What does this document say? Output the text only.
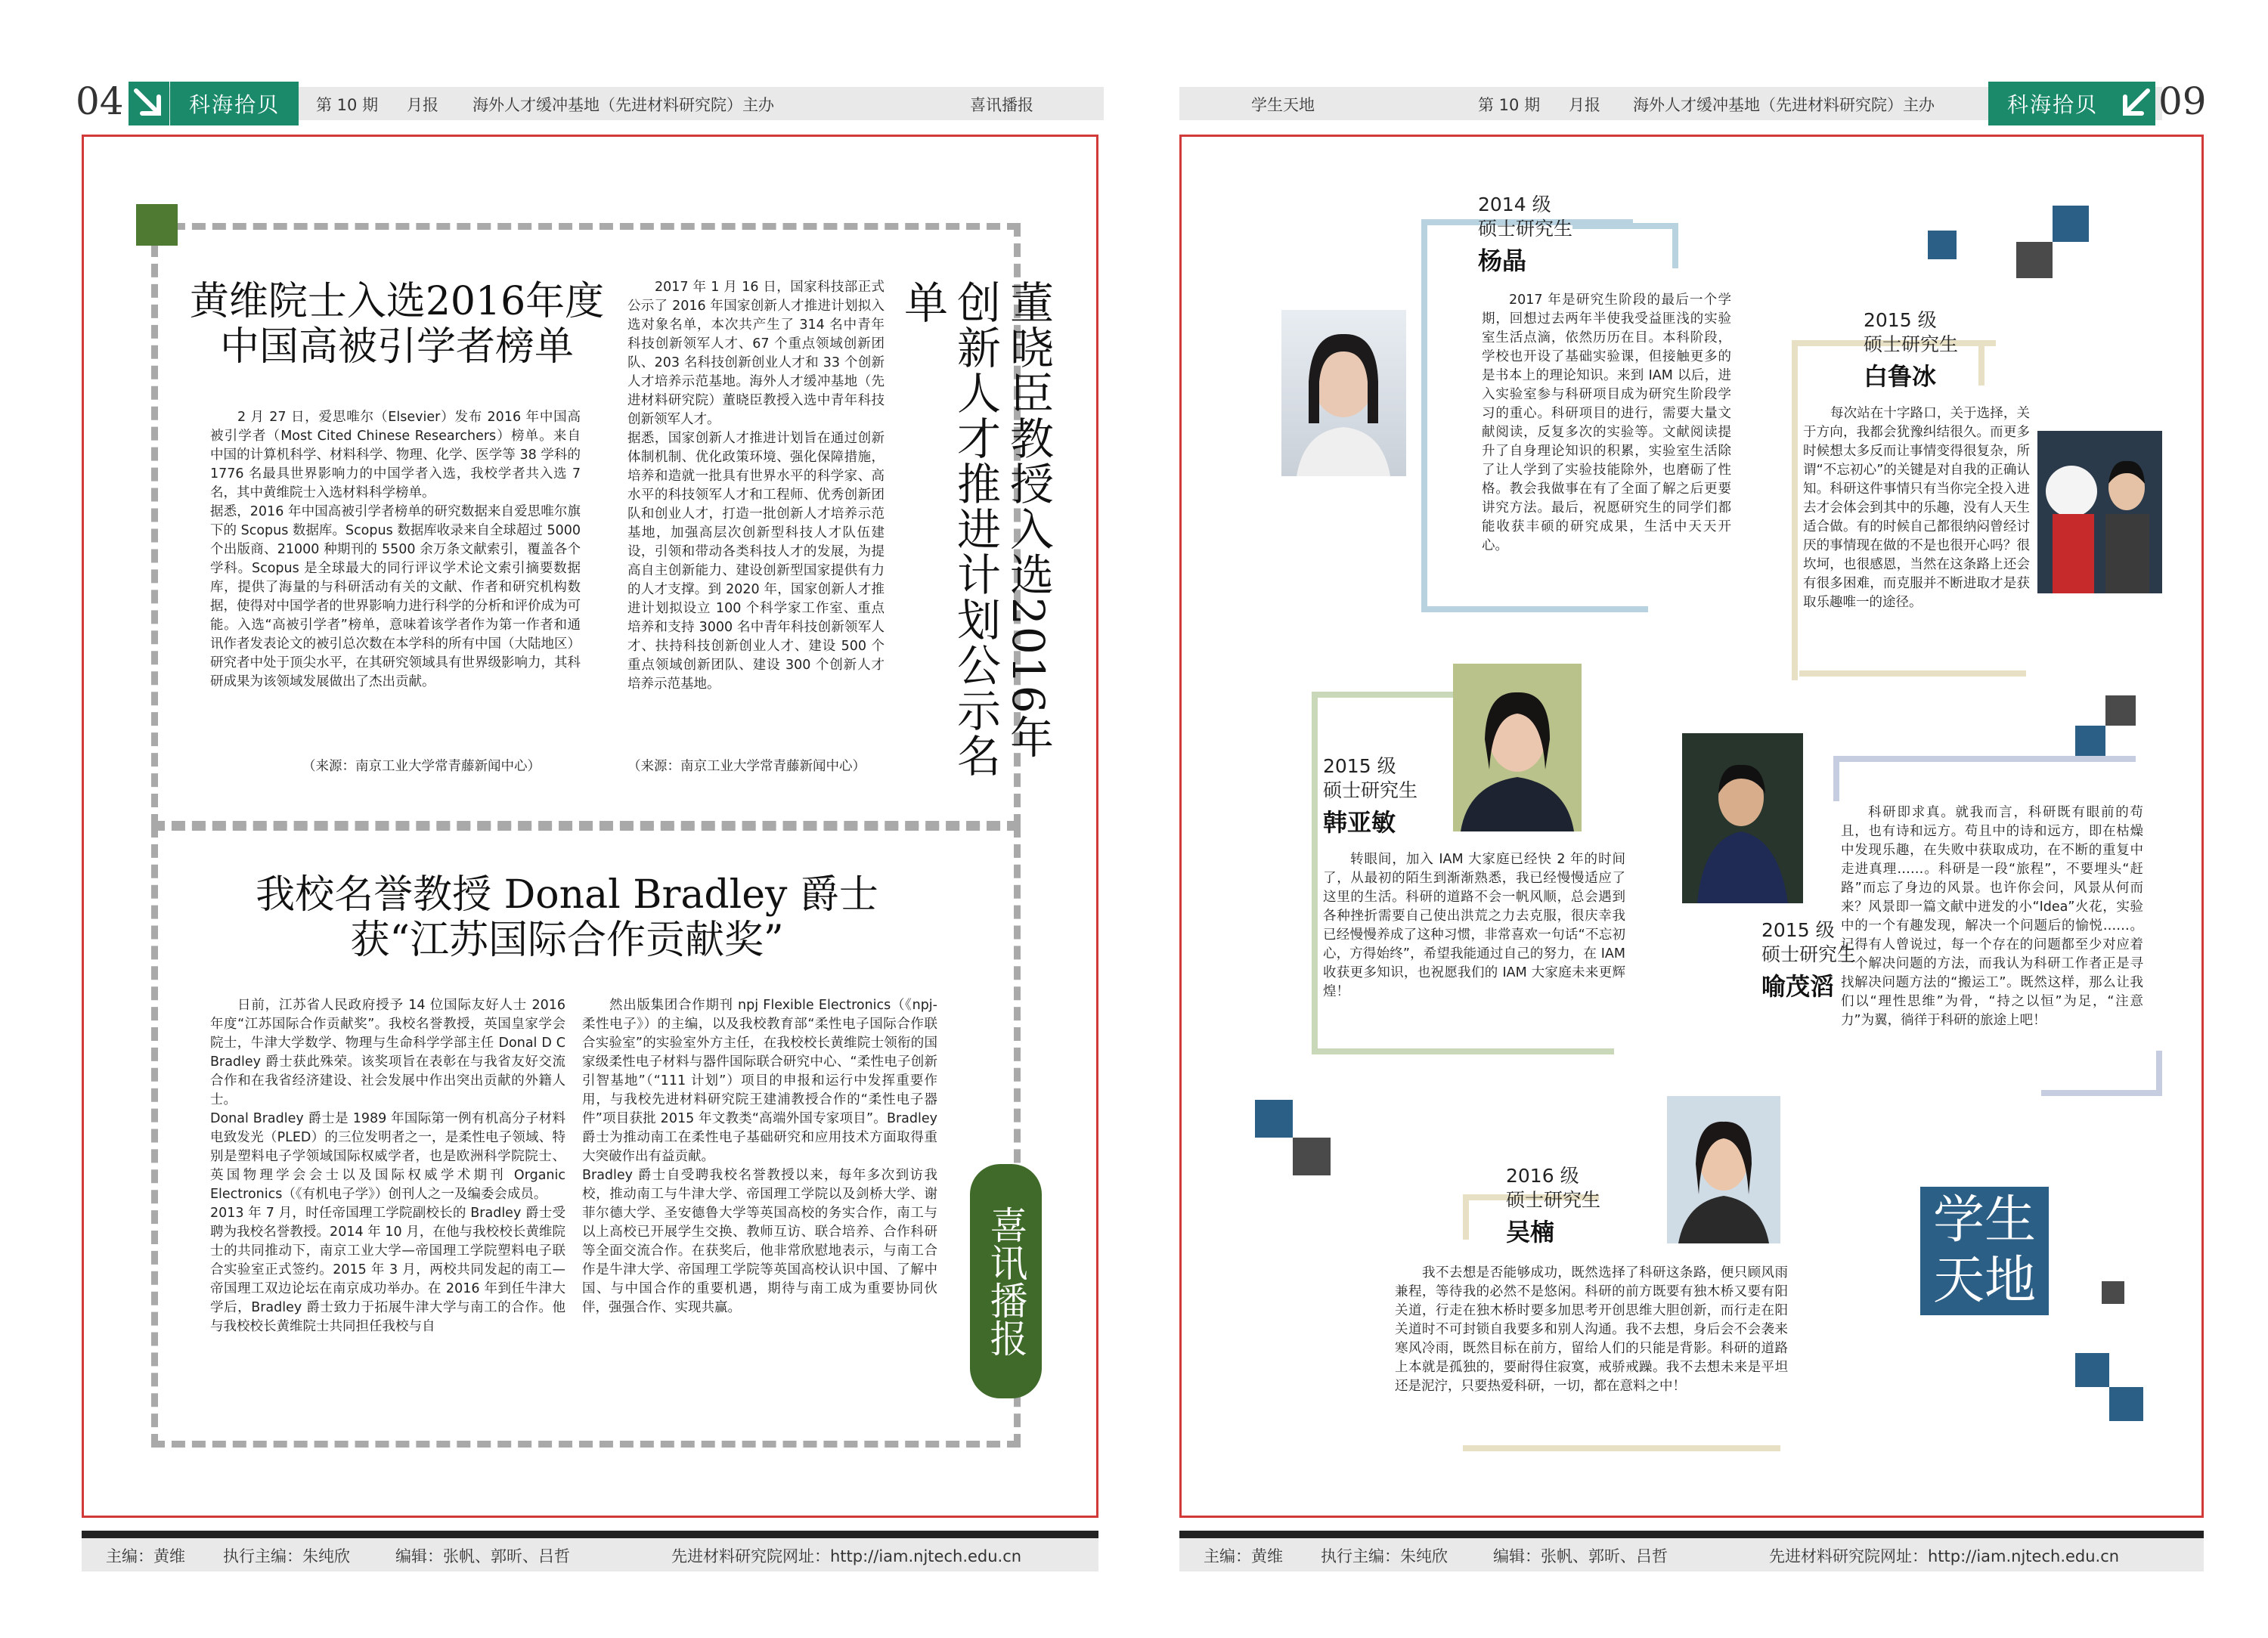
04	科海拾贝	第 10 期 月报 海外人才缓冲基地（先进材料研究院）主办	喜讯播报
黄维院士入选2016年度
中国高被引学者榜单
2 月 27 日，爱思唯尔（Elsevier）发布 2016 年中国高被引学者（Most Cited Chinese Researchers）榜单。来自中国的计算机科学、材料科学、物理、化学、医学等 38 学科的 1776 名最具世界影响力的中国学者入选，我校学者共入选 7 名，其中黄维院士入选材料科学榜单。
据悉，2016 年中国高被引学者榜单的研究数据来自爱思唯尔旗下的 Scopus 数据库。Scopus 数据库收录来自全球超过 5000 个出版商、21000 种期刊的 5500 余万条文献索引，覆盖各个学科。Scopus 是全球最大的同行评议学术论文索引摘要数据库，提供了海量的与科研活动有关的文献、作者和研究机构数据，使得对中国学者的世界影响力进行科学的分析和评价成为可能。入选“高被引学者”榜单，意味着该学者作为第一作者和通讯作者发表论文的被引总次数在本学科的所有中国（大陆地区）研究者中处于顶尖水平，在其研究领域具有世界级影响力，其科研成果为该领域发展做出了杰出贡献。
（来源：南京工业大学常青藤新闻中心）
2017 年 1 月 16 日，国家科技部正式公示了 2016 年国家创新人才推进计划拟入选对象名单，本次共产生了 314 名中青年科技创新领军人才、67 个重点领域创新团队、203 名科技创新创业人才和 33 个创新人才培养示范基地。海外人才缓冲基地（先进材料研究院）董晓臣教授入选中青年科技创新领军人才。
据悉，国家创新人才推进计划旨在通过创新体制机制、优化政策环境、强化保障措施，培养和造就一批具有世界水平的科学家、高水平的科技领军人才和工程师、优秀创新团队和创业人才，打造一批创新人才培养示范基地，加强高层次创新型科技人才队伍建设，引领和带动各类科技人才的发展，为提高自主创新能力、建设创新型国家提供有力的人才支撑。到 2020 年，国家创新人才推进计划拟设立 100 个科学家工作室、重点培养和支持 3000 名中青年科技创新领军人才、扶持科技创新创业人才、建设 500 个重点领域创新团队、建设 300 个创新人才培养示范基地。
（来源：南京工业大学常青藤新闻中心）
董晓臣教授入选2016年创新人才推进计划公示名单
我校名誉教授 Donal Bradley 爵士
获“江苏国际合作贡献奖”
日前，江苏省人民政府授予 14 位国际友好人士 2016 年度“江苏国际合作贡献奖”。我校名誉教授，英国皇家学会院士，牛津大学数学、物理与生命科学学部主任 Donal D C Bradley 爵士获此殊荣。该奖项旨在表彰在与我省友好交流合作和在我省经济建设、社会发展中作出突出贡献的外籍人士。
Donal Bradley 爵士是 1989 年国际第一例有机高分子材料电致发光（PLED）的三位发明者之一，是柔性电子领域、特别是塑料电子学领域国际权威学者，也是欧洲科学院院士、英国物理学会会士以及国际权威学术期刊 Organic Electronics（《有机电子学》）创刊人之一及编委会成员。
2013 年 7 月，时任帝国理工学院副校长的 Bradley 爵士受聘为我校名誉教授。2014 年 10 月，在他与我校校长黄维院士的共同推动下，南京工业大学—帝国理工学院塑料电子联合实验室正式签约。2015 年 3 月，两校共同发起的南工—帝国理工双边论坛在南京成功举办。在 2016 年到任牛津大学后，Bradley 爵士致力于拓展牛津大学与南工的合作。他与我校校长黄维院士共同担任我校与自
然出版集团合作期刊 npj Flexible Electronics（《npj-柔性电子》）的主编，以及我校教育部“柔性电子国际合作联合实验室”的实验室外方主任，在我校校长黄维院士领衔的国家级柔性电子材料与器件国际联合研究中心、“柔性电子创新引智基地”（“111 计划”）项目的申报和运行中发挥重要作用，与我校先进材料研究院王建浦教授合作的“柔性电子器件”项目获批 2015 年文教类“高端外国专家项目”。Bradley 爵士为推动南工在柔性电子基础研究和应用技术方面取得重大突破作出有益贡献。
Bradley 爵士自受聘我校名誉教授以来，每年多次到访我校，推动南工与牛津大学、帝国理工学院以及剑桥大学、谢菲尔德大学、圣安德鲁大学等英国高校的务实合作，南工与以上高校已开展学生交换、教师互访、联合培养、合作科研等全面交流合作。在获奖后，他非常欣慰地表示，与南工合作是牛津大学、帝国理工学院等英国高校认识中国、了解中国、与中国合作的重要机遇，期待与南工成为重要协同伙伴，强强合作、实现共赢。	喜讯播报
主编：黄维 执行主编：朱纯欣	编辑：张帆、郭昕、吕哲	先进材料研究院网址：http://iam.njtech.edu.cn
学生天地	第 10 期 月报 海外人才缓冲基地（先进材料研究院）主办	科海拾贝	09
2014 级
硕士研究生
杨晶
2017 年是研究生阶段的最后一个学期，回想过去两年半使我受益匪浅的实验室生活点滴，依然历历在目。本科阶段，学校也开设了基础实验课，但接触更多的是书本上的理论知识。来到 IAM 以后，进入实验室参与科研项目成为研究生阶段学习的重心。科研项目的进行，需要大量文献阅读，反复多次的实验等。文献阅读提升了自身理论知识的积累，实验室生活除了让人学到了实验技能除外，也磨砺了性格。教会我做事在有了全面了解之后更要讲究方法。最后，祝愿研究生的同学们都能收获丰硕的研究成果，生活中天天开心。
2015 级
硕士研究生
白鲁冰
每次站在十字路口，关于选择，关于方向，我都会犹豫纠结很久。而更多时候想太多反而让事情变得很复杂，所谓“不忘初心”的关键是对自我的正确认知。科研这件事情只有当你完全投入进去才会体会到其中的乐趣，没有人天生适合做。有的时候自己都很纳闷曾经讨厌的事情现在做的不是也很开心吗？很坎坷，也很感恩，当然在这条路上还会有很多困难，而克服并不断进取才是获取乐趣唯一的途径。
2015 级
硕士研究生
韩亚敏
转眼间，加入 IAM 大家庭已经快 2 年的时间了，从最初的陌生到渐渐熟悉，我已经慢慢适应了这里的生活。科研的道路不会一帆风顺，总会遇到各种挫折需要自己使出洪荒之力去克服，很庆幸我已经慢慢养成了这种习惯，非常喜欢一句话“不忘初心，方得始终”，希望我能通过自己的努力，在 IAM 收获更多知识，也祝愿我们的 IAM 大家庭未来更辉煌！
2015 级
硕士研究生
喻茂滔
科研即求真。就我而言，科研既有眼前的苟且，也有诗和远方。苟且中的诗和远方，即在枯燥中发现乐趣，在失败中获取成功，在不断的重复中走进真理……。科研是一段“旅程”，不要埋头“赶路”而忘了身边的风景。也许你会问，风景从何而来？风景即一篇文献中迸发的小“Idea”火花，实验中的一个有趣发现，解决一个问题后的愉悦……。记得有人曾说过，每一个存在的问题都至少对应着一个解决问题的方法，而我认为科研工作者正是寻找解决问题方法的“搬运工”。既然这样，那么让我们以“理性思维”为骨，“持之以恒”为足，“注意力”为翼，徜徉于科研的旅途上吧！
2016 级
硕士研究生
吴楠
我不去想是否能够成功，既然选择了科研这条路，便只顾风雨兼程，等待我的必然不是悠闲。科研的前方既要有独木桥又要有阳关道，行走在独木桥时要多加思考开创思维大胆创新，而行走在阳关道时不可封锁自我要多和别人沟通。我不去想，身后会不会袭来寒风冷雨，既然目标在前方，留给人们的只能是背影。科研的道路上本就是孤独的，要耐得住寂寞，戒骄戒躁。我不去想未来是平坦还是泥泞，只要热爱科研，一切，都在意料之中！
学生天地
主编：黄维 执行主编：朱纯欣	编辑：张帆、郭昕、吕哲	先进材料研究院网址：http://iam.njtech.edu.cn
